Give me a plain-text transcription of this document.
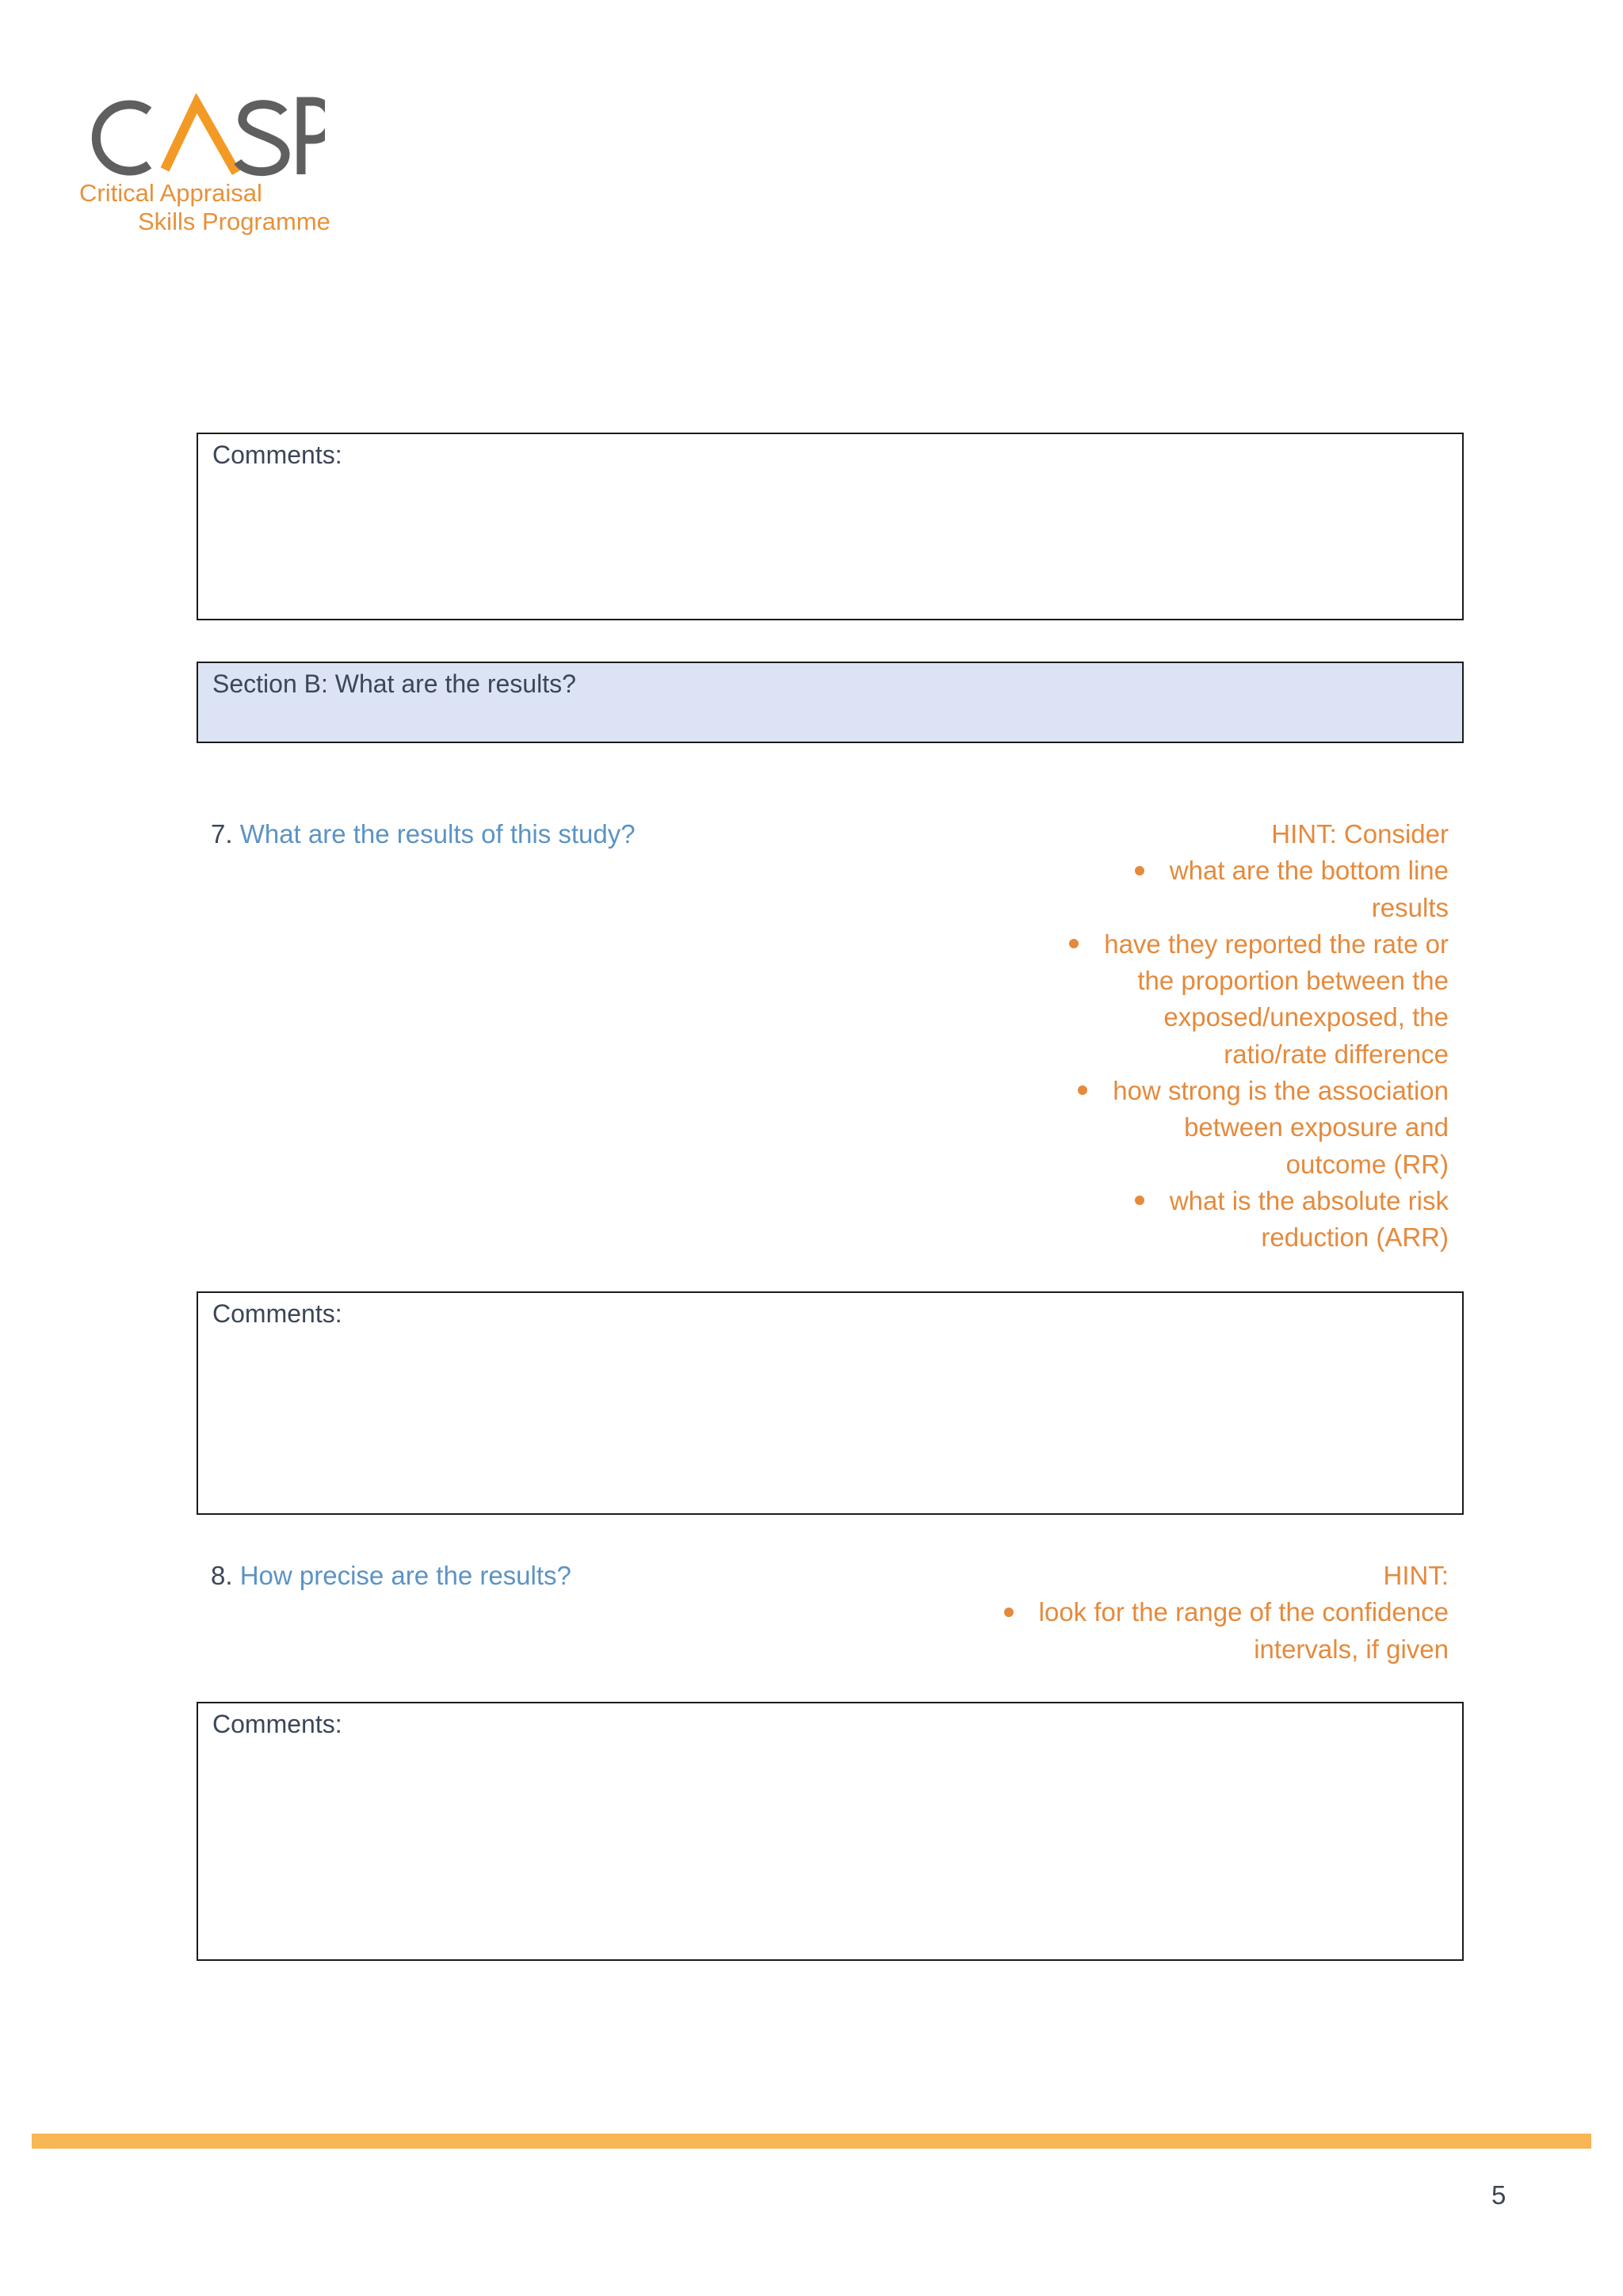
Critical Appraisal
Skills Programme
Comments:
Section B: What are the results?
7. What are the results of this study?	HINT: Consider
what are the bottom line
results
have they reported the rate or
the proportion between the
exposed/unexposed, the
ratio/rate difference
how strong is the association
between exposure and
outcome (RR)
what is the absolute risk
reduction (ARR)
Comments:
8. How precise are the results?	HINT:
look for the range of the confidence
intervals, if given
Comments:
5
